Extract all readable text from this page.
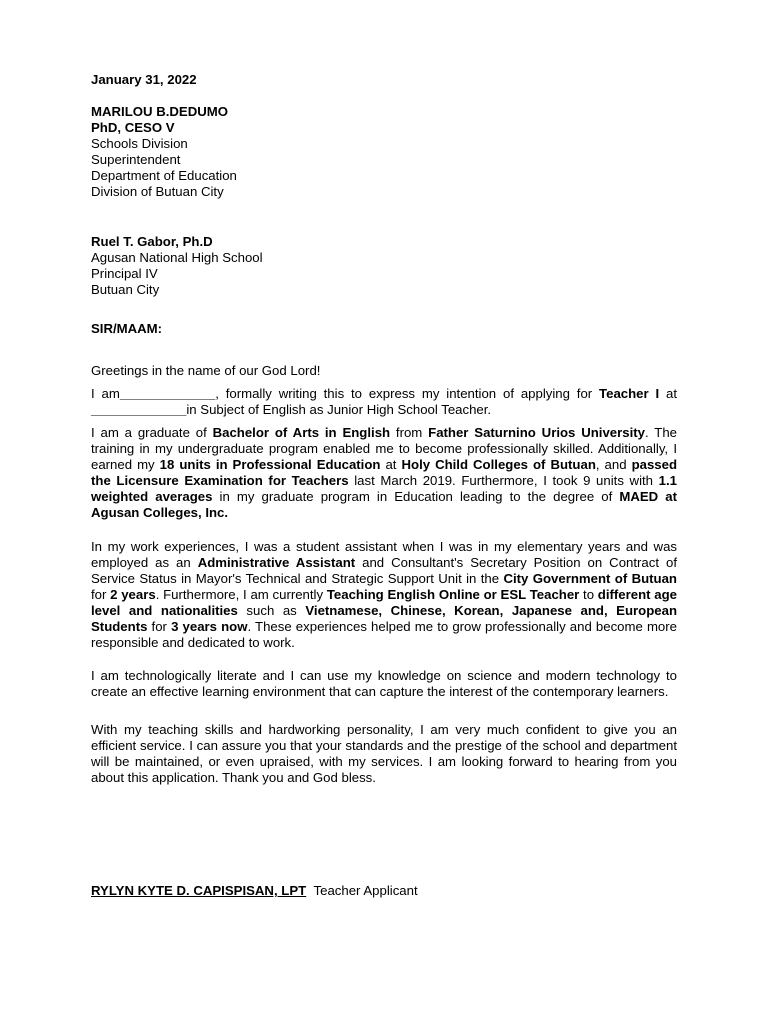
January 31, 2022
MARILOU B.DEDUMO
PhD, CESO V
Schools Division
Superintendent
Department of Education
Division of Butuan City
Ruel T. Gabor, Ph.D
Agusan National High School
Principal IV
Butuan City
SIR/MAAM:
Greetings in the name of our God Lord!
I am_____________, formally writing this to express my intention of applying for Teacher I at _____________in Subject of English as Junior High School Teacher.
I am a graduate of Bachelor of Arts in English from Father Saturnino Urios University. The training in my undergraduate program enabled me to become professionally skilled. Additionally, I earned my 18 units in Professional Education at Holy Child Colleges of Butuan, and passed the Licensure Examination for Teachers last March 2019. Furthermore, I took 9 units with 1.1 weighted averages in my graduate program in Education leading to the degree of MAED at Agusan Colleges, Inc.
In my work experiences, I was a student assistant when I was in my elementary years and was employed as an Administrative Assistant and Consultant's Secretary Position on Contract of Service Status in Mayor's Technical and Strategic Support Unit in the City Government of Butuan for 2 years. Furthermore, I am currently Teaching English Online or ESL Teacher to different age level and nationalities such as Vietnamese, Chinese, Korean, Japanese and, European Students for 3 years now. These experiences helped me to grow professionally and become more responsible and dedicated to work.
I am technologically literate and I can use my knowledge on science and modern technology to create an effective learning environment that can capture the interest of the contemporary learners.
With my teaching skills and hardworking personality, I am very much confident to give you an efficient service. I can assure you that your standards and the prestige of the school and department will be maintained, or even upraised, with my services. I am looking forward to hearing from you about this application. Thank you and God bless.
RYLYN KYTE D. CAPISPISAN, LPT Teacher Applicant
